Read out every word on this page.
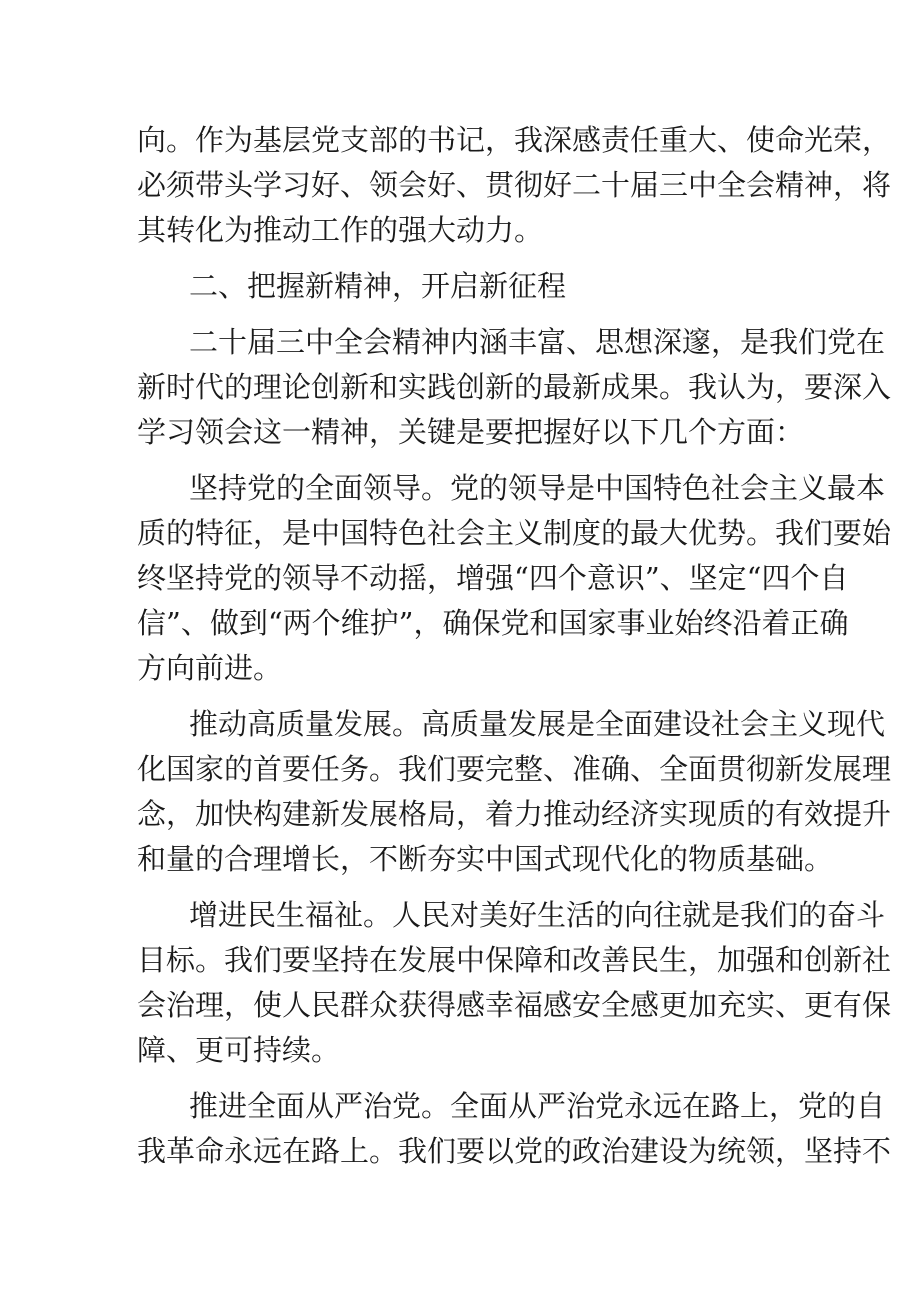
向。作为基层党支部的书记，我深感责任重大、使命光荣，
必须带头学习好、领会好、贯彻好二十届三中全会精神，将
其转化为推动工作的强大动力。
二、把握新精神，开启新征程
二十届三中全会精神内涵丰富、思想深邃，是我们党在
新时代的理论创新和实践创新的最新成果。我认为，要深入
学习领会这一精神，关键是要把握好以下几个方面：
坚持党的全面领导。党的领导是中国特色社会主义最本
质的特征，是中国特色社会主义制度的最大优势。我们要始
终坚持党的领导不动摇，增强“四个意识”、坚定“四个自
信”、做到“两个维护”，确保党和国家事业始终沿着正确
方向前进。
推动高质量发展。高质量发展是全面建设社会主义现代
化国家的首要任务。我们要完整、准确、全面贯彻新发展理
念，加快构建新发展格局，着力推动经济实现质的有效提升
和量的合理增长，不断夯实中国式现代化的物质基础。
增进民生福祉。人民对美好生活的向往就是我们的奋斗
目标。我们要坚持在发展中保障和改善民生，加强和创新社
会治理，使人民群众获得感幸福感安全感更加充实、更有保
障、更可持续。
推进全面从严治党。全面从严治党永远在路上，党的自
我革命永远在路上。我们要以党的政治建设为统领，坚持不
